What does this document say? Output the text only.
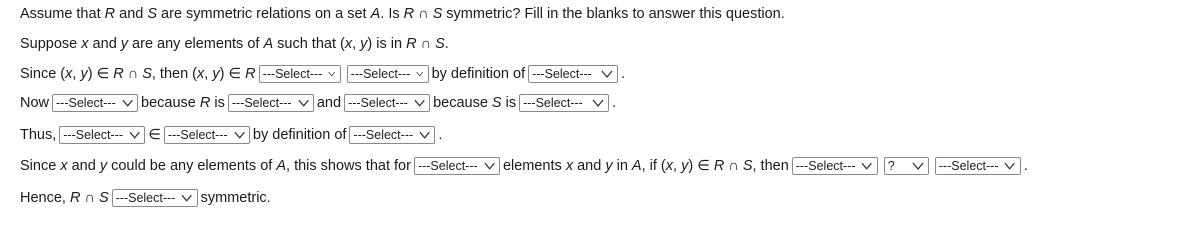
Assume that R and S are symmetric relations on a set A . Is R ∩ S symmetric? Fill in the blanks to answer this question.
Suppose x and y are any elements of A such that ( x , y ) is in R ∩ S .
Since ( x , y ) ∈ R ∩ S , then ( x , y ) ∈ R ---Select--- ---Select--- by definition of ---Select--- .
Now ---Select--- because R is ---Select--- and ---Select--- because S is ---Select--- .
Thus, ---Select--- ∈ ---Select--- by definition of ---Select--- .
Since x and y could be any elements of A , this shows that for ---Select--- elements x and y in A , if ( x , y ) ∈ R ∩ S , then ---Select---	?	---Select--- .
Hence, R ∩ S ---Select--- symmetric.
